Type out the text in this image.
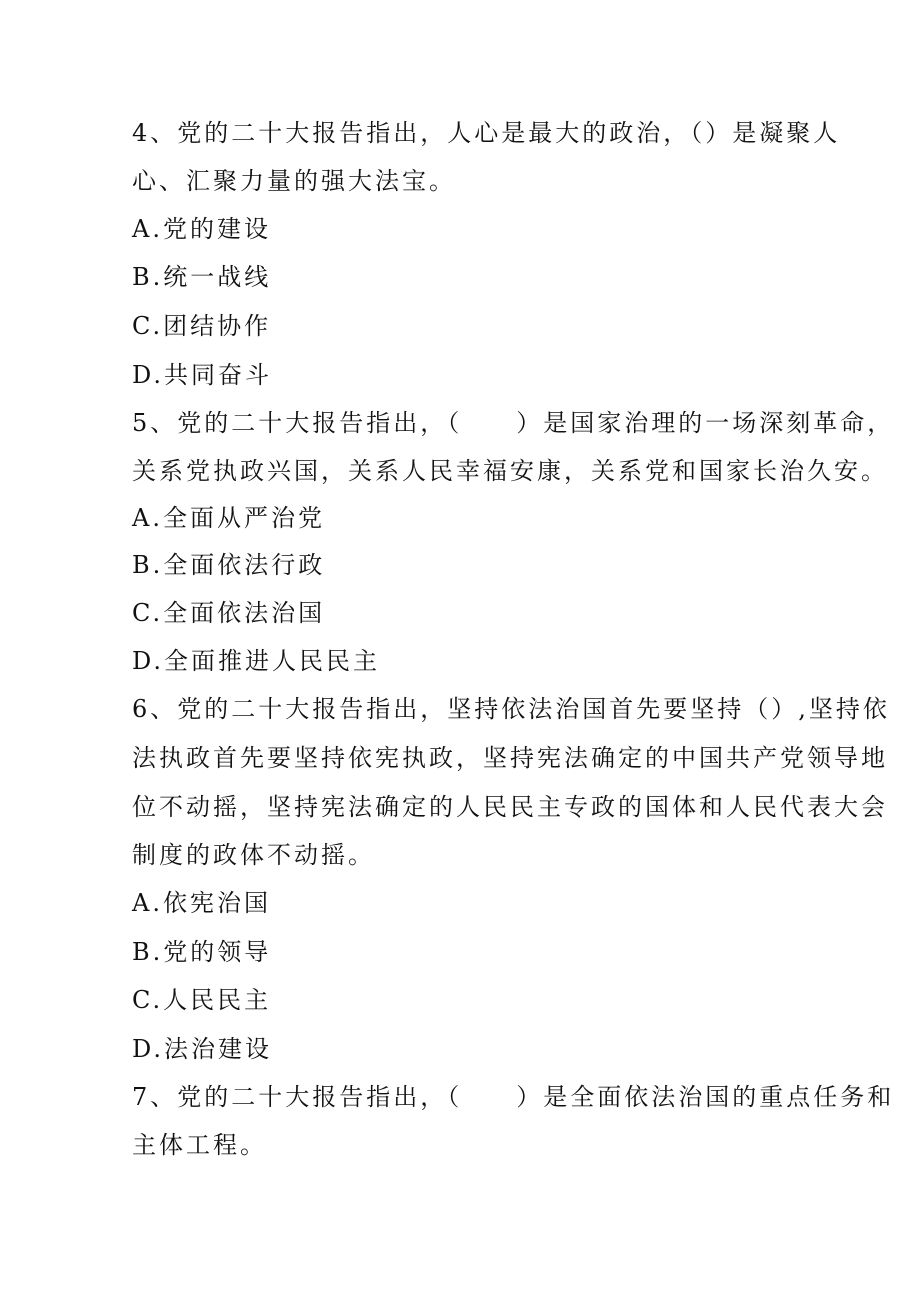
4、党的二十大报告指出，人心是最大的政治，（）是凝聚人
心、汇聚力量的强大法宝。
A.党的建设
B.统一战线
C.团结协作
D.共同奋斗
5、党的二十大报告指出，（　　）是国家治理的一场深刻革命，
关系党执政兴国，关系人民幸福安康，关系党和国家长治久安。
A.全面从严治党
B.全面依法行政
C.全面依法治国
D.全面推进人民民主
6、党的二十大报告指出，坚持依法治国首先要坚持（）,坚持依
法执政首先要坚持依宪执政，坚持宪法确定的中国共产党领导地
位不动摇，坚持宪法确定的人民民主专政的国体和人民代表大会
制度的政体不动摇。
A.依宪治国
B.党的领导
C.人民民主
D.法治建设
7、党的二十大报告指出，（　　）是全面依法治国的重点任务和
主体工程。
